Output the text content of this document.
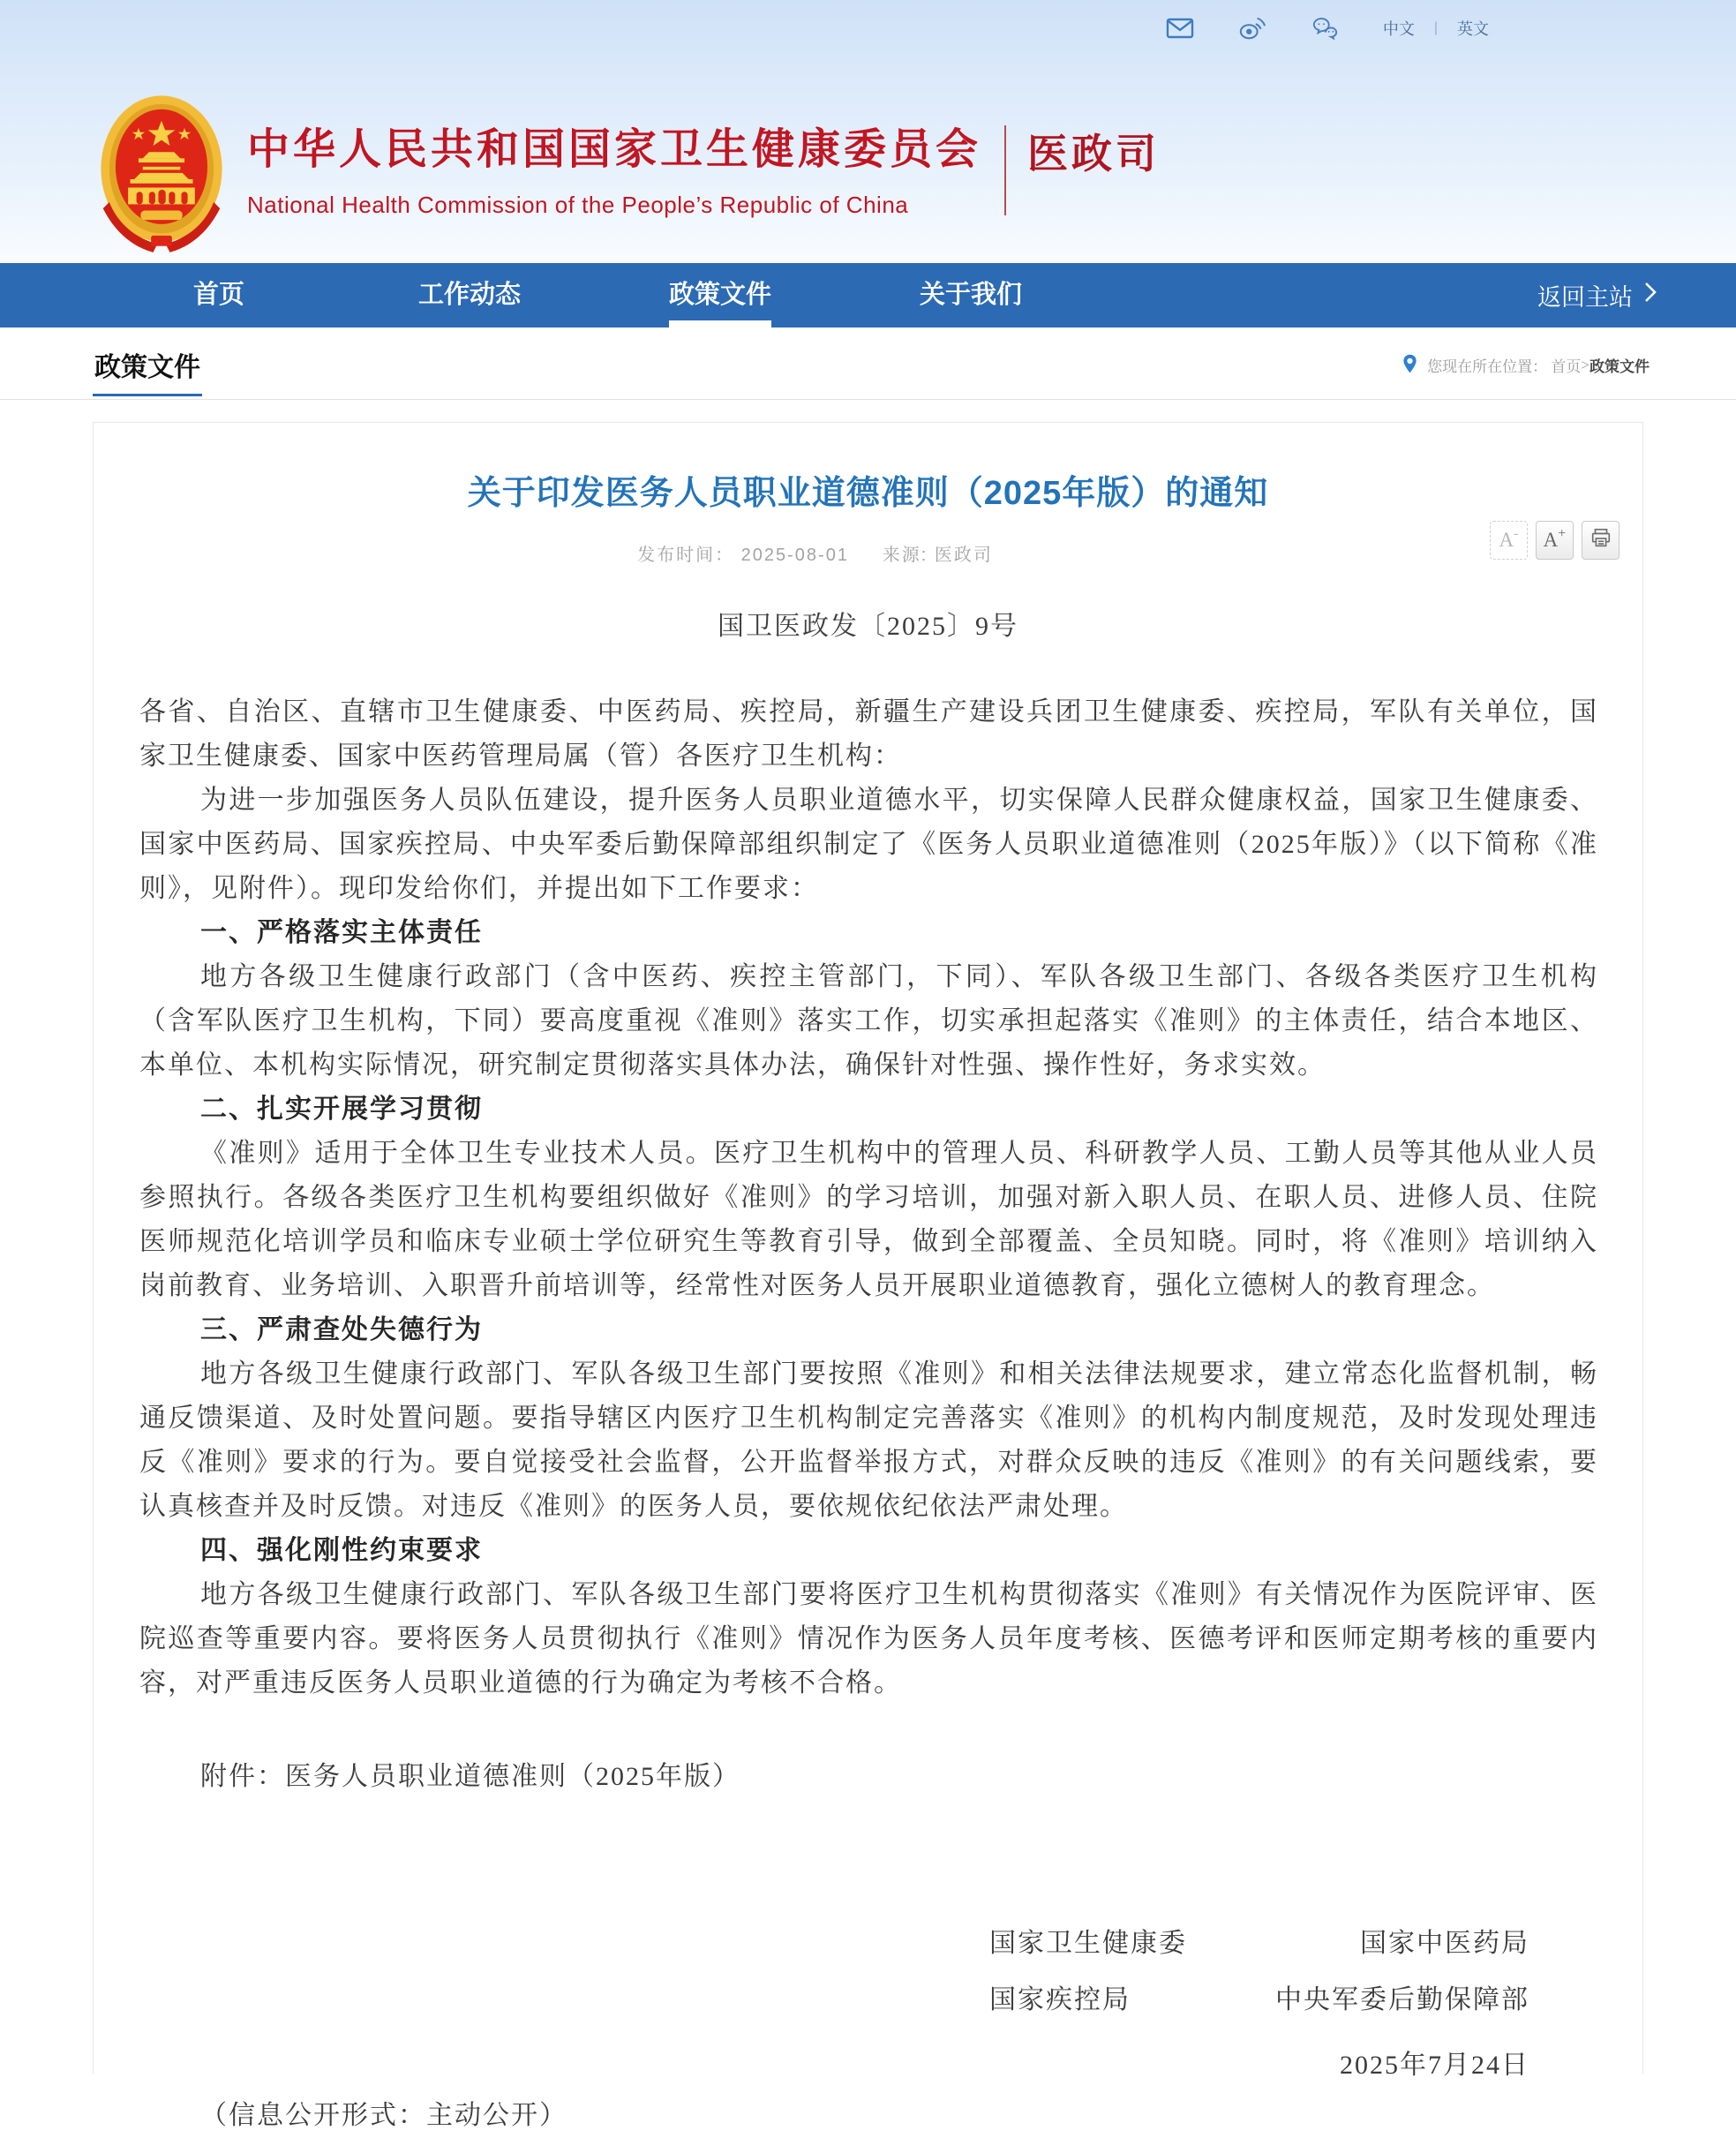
中文 | 英文
中华人民共和国国家卫生健康委员会
National Health Commission of the People’s Republic of China
医政司
首页	工作动态	政策文件	关于我们	返回主站
政策文件	您现在所在位置：
首页 > 政策文件
关于印发医务人员职业道德准则（2025年版）的通知
发布时间： 2025-08-01 来源: 医政司
A - A +
国卫医政发〔2025〕9号

各省、自治区、直辖市卫生健康委、中医药局、疾控局，新疆生产建设兵团卫生健康委、疾控局，军队有关单位，国家卫生健康委、国家中医药管理局属（管）各医疗卫生机构：

为进一步加强医务人员队伍建设，提升医务人员职业道德水平，切实保障人民群众健康权益，国家卫生健康委、国家中医药局、国家疾控局、中央军委后勤保障部组织制定了《医务人员职业道德准则（2025年版）》（以下简称《准则》，见附件）。现印发给你们，并提出如下工作要求：

一、严格落实主体责任

地方各级卫生健康行政部门（含中医药、疾控主管部门，下同）、军队各级卫生部门、各级各类医疗卫生机构（含军队医疗卫生机构，下同）要高度重视《准则》落实工作，切实承担起落实《准则》的主体责任，结合本地区、本单位、本机构实际情况，研究制定贯彻落实具体办法，确保针对性强、操作性好，务求实效。

二、扎实开展学习贯彻

《准则》适用于全体卫生专业技术人员。医疗卫生机构中的管理人员、科研教学人员、工勤人员等其他从业人员参照执行。各级各类医疗卫生机构要组织做好《准则》的学习培训，加强对新入职人员、在职人员、进修人员、住院医师规范化培训学员和临床专业硕士学位研究生等教育引导，做到全部覆盖、全员知晓。同时，将《准则》培训纳入岗前教育、业务培训、入职晋升前培训等，经常性对医务人员开展职业道德教育，强化立德树人的教育理念。

三、严肃查处失德行为

地方各级卫生健康行政部门、军队各级卫生部门要按照《准则》和相关法律法规要求，建立常态化监督机制，畅通反馈渠道、及时处置问题。要指导辖区内医疗卫生机构制定完善落实《准则》的机构内制度规范，及时发现处理违反《准则》要求的行为。要自觉接受社会监督，公开监督举报方式，对群众反映的违反《准则》的有关问题线索，要认真核查并及时反馈。对违反《准则》的医务人员，要依规依纪依法严肃处理。

四、强化刚性约束要求

地方各级卫生健康行政部门、军队各级卫生部门要将医疗卫生机构贯彻落实《准则》有关情况作为医院评审、医院巡查等重要内容。要将医务人员贯彻执行《准则》情况作为医务人员年度考核、医德考评和医师定期考核的重要内容，对严重违反医务人员职业道德的行为确定为考核不合格。

附件：医务人员职业道德准则（2025年版）

国家卫生健康委	国家中医药局
国家疾控局	中央军委后勤保障部
2025年7月24日

（信息公开形式：主动公开）
